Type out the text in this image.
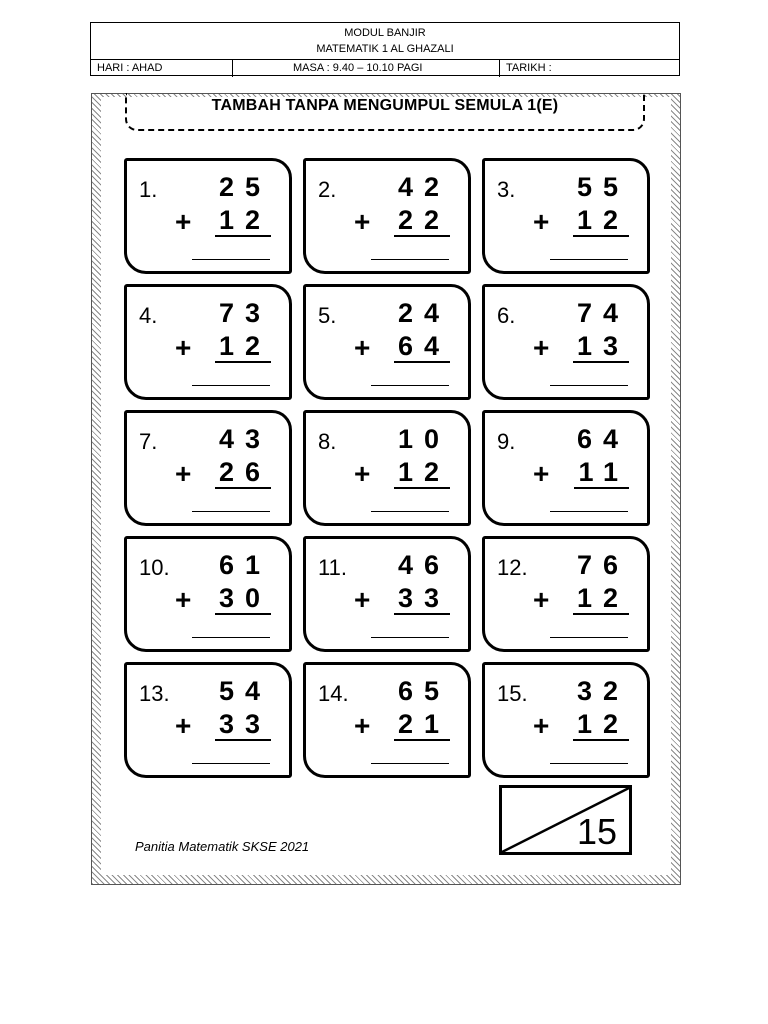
MODUL BANJIR
MATEMATIK 1 AL GHAZALI
HARI : AHAD	MASA : 9.40 – 10.10 PAGI	TARIKH :
TAMBAH TANPA MENGUMPUL SEMULA 1(E)
1. 25
+ 12
2. 42
+ 22
3. 55
+ 12
4. 73
+ 12
5. 24
+ 64
6. 74
+ 13
7. 43
+ 26
8. 10
+ 12
9. 64
+ 11
10. 61
+ 30
11. 46
+ 33
12. 76
+ 12
13. 54
+ 33
14. 65
+ 21
15. 32
+ 12
Panitia Matematik SKSE 2021	15
